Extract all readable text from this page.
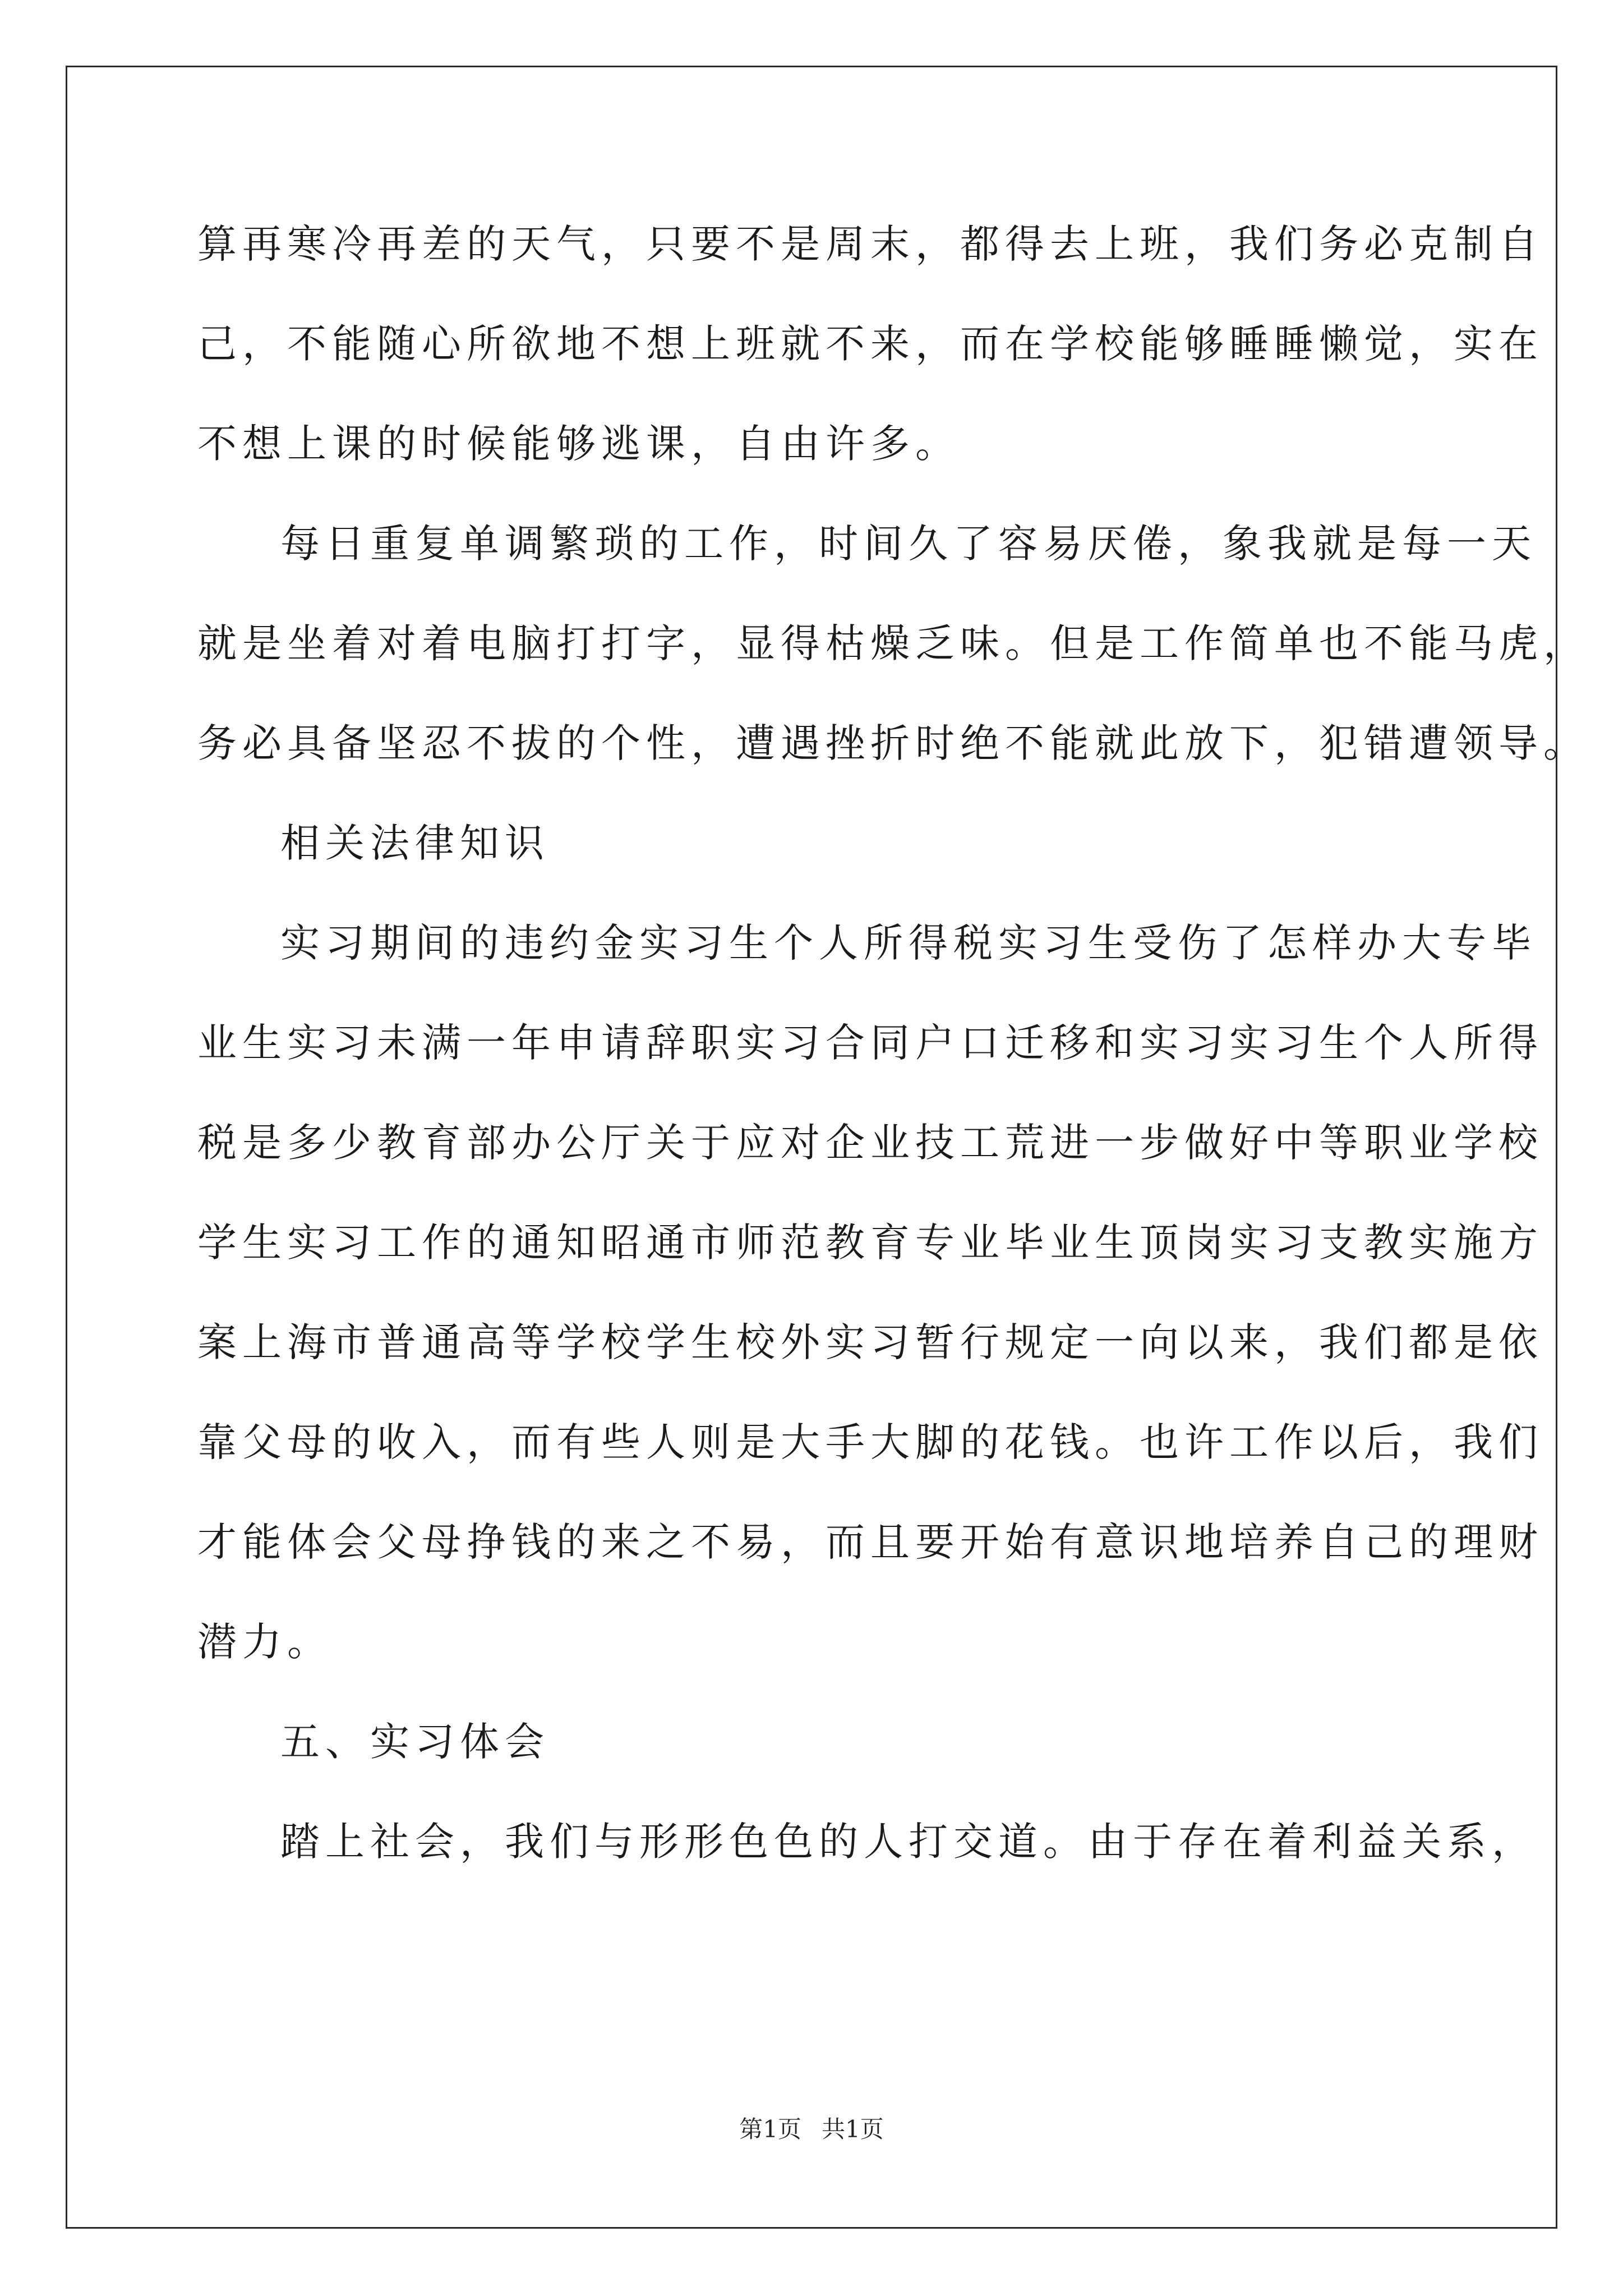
算再寒冷再差的天气，只要不是周末，都得去上班，我们务必克制自
己，不能随心所欲地不想上班就不来，而在学校能够睡睡懒觉，实在
不想上课的时候能够逃课，自由许多。
每日重复单调繁琐的工作，时间久了容易厌倦，象我就是每一天
就是坐着对着电脑打打字，显得枯燥乏味。但是工作简单也不能马虎，
务必具备坚忍不拔的个性，遭遇挫折时绝不能就此放下，犯错遭领导。
相关法律知识
实习期间的违约金实习生个人所得税实习生受伤了怎样办大专毕
业生实习未满一年申请辞职实习合同户口迁移和实习实习生个人所得
税是多少教育部办公厅关于应对企业技工荒进一步做好中等职业学校
学生实习工作的通知昭通市师范教育专业毕业生顶岗实习支教实施方
案上海市普通高等学校学生校外实习暂行规定一向以来，我们都是依
靠父母的收入，而有些人则是大手大脚的花钱。也许工作以后，我们
才能体会父母挣钱的来之不易，而且要开始有意识地培养自己的理财
潜力。
五、实习体会
踏上社会，我们与形形色色的人打交道。由于存在着利益关系，
第1页 共1页
